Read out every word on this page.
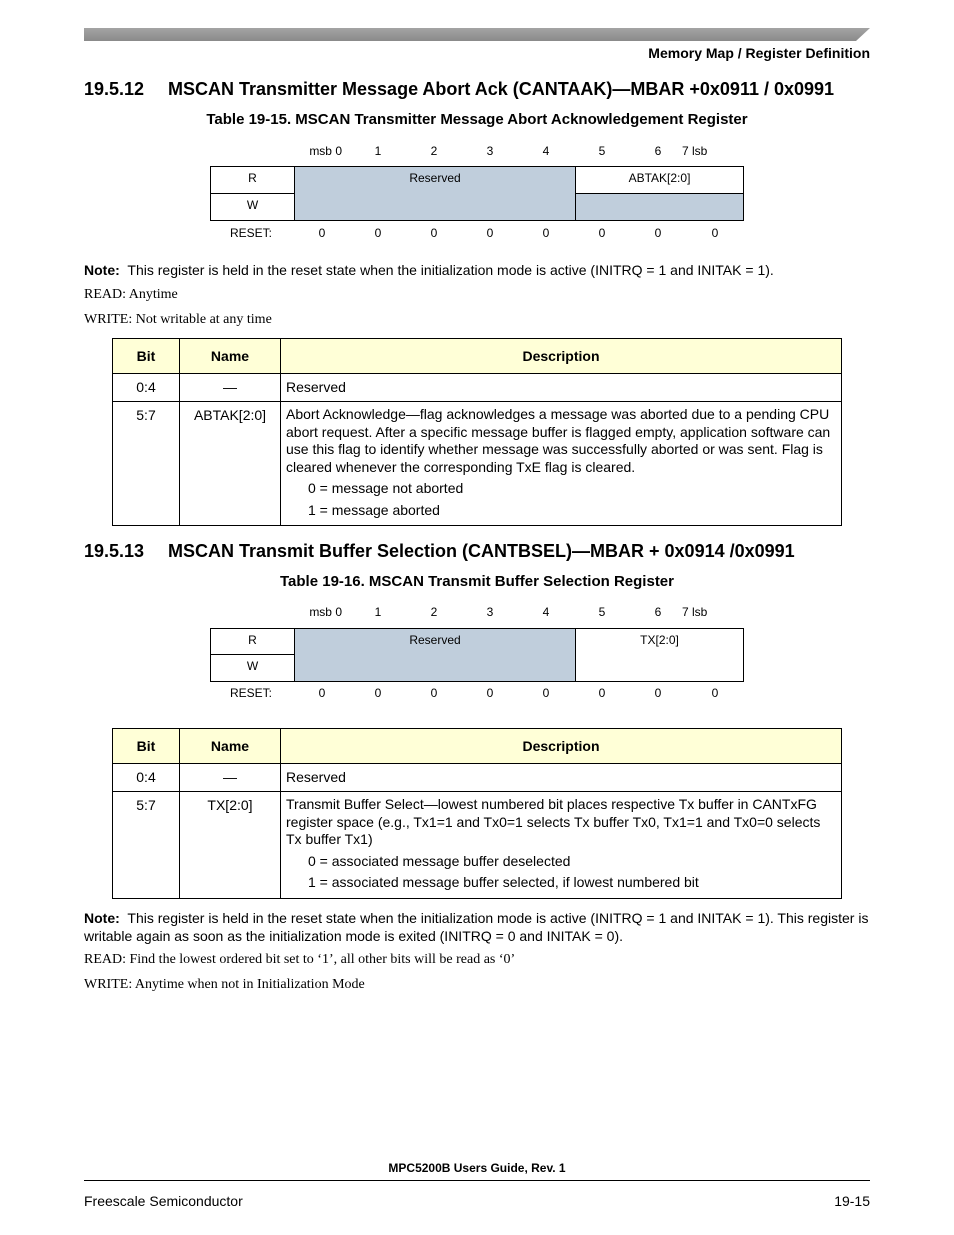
Memory Map / Register Definition
19.5.12 MSCAN Transmitter Message Abort Ack (CANTAAK)—MBAR +0x0911 / 0x0991
Table 19-15. MSCAN Transmitter Message Abort Acknowledgement Register
msb 0	1	2	3	4	5	6	7 lsb
R
W
Reserved	ABTAK[2:0]
RESET:	0	0	0	0	0	0	0	0
Note: This register is held in the reset state when the initialization mode is active (INITRQ = 1 and INITAK = 1).
READ: Anytime
WRITE: Not writable at any time
Bit	Name	Description
0:4	—	Reserved
5:7	ABTAK[2:0]	Abort Acknowledge—flag acknowledges a message was aborted due to a pending CPU abort request. After a specific message buffer is flagged empty, application software can use this flag to identify whether message was successfully aborted or was sent. Flag is cleared whenever the corresponding TxE flag is cleared.

0 = message not aborted
1 = message aborted
19.5.13 MSCAN Transmit Buffer Selection (CANTBSEL)—MBAR + 0x0914 /0x0991
Table 19-16. MSCAN Transmit Buffer Selection Register
msb 0	1	2	3	4	5	6	7 lsb
R
W
Reserved	TX[2:0]
RESET:	0	0	0	0	0	0	0	0
Bit	Name	Description
0:4	—	Reserved
5:7	TX[2:0]	Transmit Buffer Select—lowest numbered bit places respective Tx buffer in CANTxFG register space (e.g., Tx1=1 and Tx0=1 selects Tx buffer Tx0, Tx1=1 and Tx0=0 selects Tx buffer Tx1)

0 = associated message buffer deselected
1 = associated message buffer selected, if lowest numbered bit
Note: This register is held in the reset state when the initialization mode is active (INITRQ = 1 and INITAK = 1). This register is writable again as soon as the initialization mode is exited (INITRQ = 0 and INITAK = 0).
READ: Find the lowest ordered bit set to ‘1’, all other bits will be read as ‘0’
WRITE: Anytime when not in Initialization Mode
MPC5200B Users Guide, Rev. 1
Freescale Semiconductor	19-15
